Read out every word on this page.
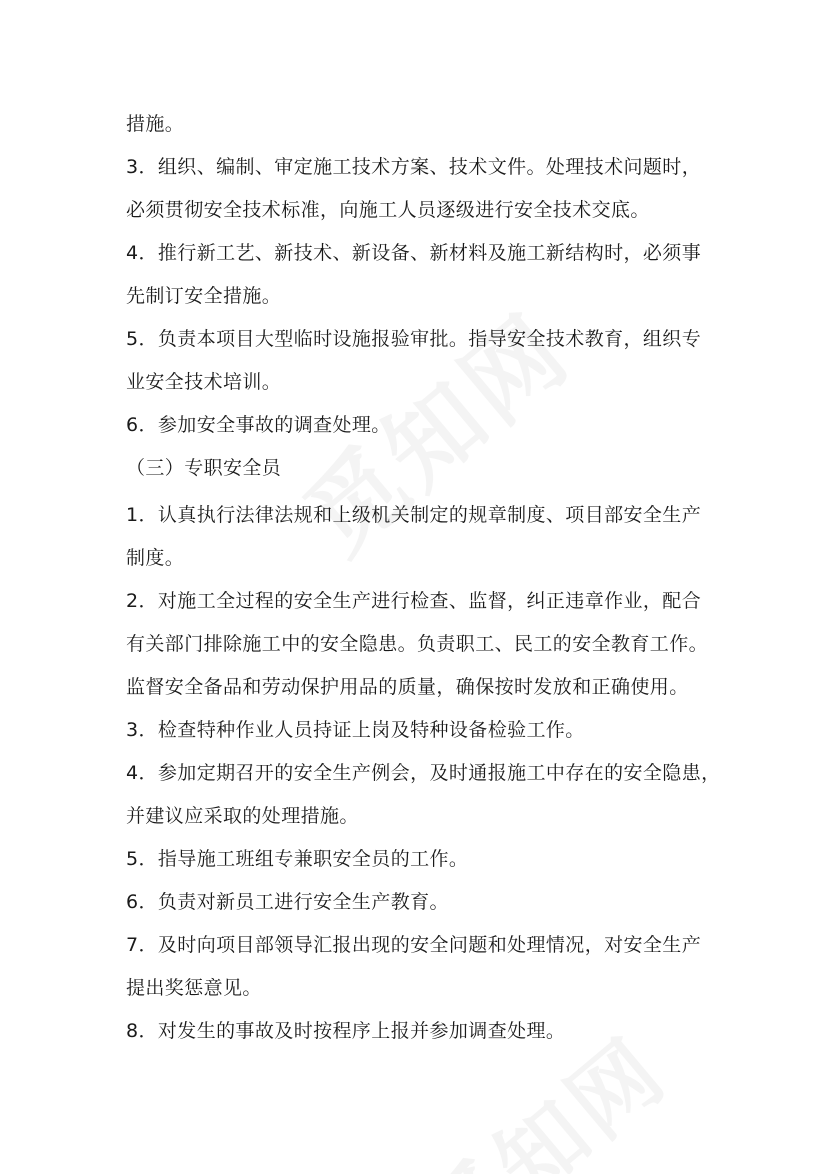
措施。
3．组织、编制、审定施工技术方案、技术文件。处理技术问题时，
必须贯彻安全技术标准，向施工人员逐级进行安全技术交底。
4．推行新工艺、新技术、新设备、新材料及施工新结构时，必须事
先制订安全措施。
5．负责本项目大型临时设施报验审批。指导安全技术教育，组织专
业安全技术培训。
6．参加安全事故的调查处理。
（三）专职安全员
1．认真执行法律法规和上级机关制定的规章制度、项目部安全生产
制度。
2．对施工全过程的安全生产进行检查、监督，纠正违章作业，配合
有关部门排除施工中的安全隐患。负责职工、民工的安全教育工作。
监督安全备品和劳动保护用品的质量，确保按时发放和正确使用。
3．检查特种作业人员持证上岗及特种设备检验工作。
4．参加定期召开的安全生产例会，及时通报施工中存在的安全隐患，
并建议应采取的处理措施。
5．指导施工班组专兼职安全员的工作。
6．负责对新员工进行安全生产教育。
7．及时向项目部领导汇报出现的安全问题和处理情况，对安全生产
提出奖惩意见。
8．对发生的事故及时按程序上报并参加调查处理。
